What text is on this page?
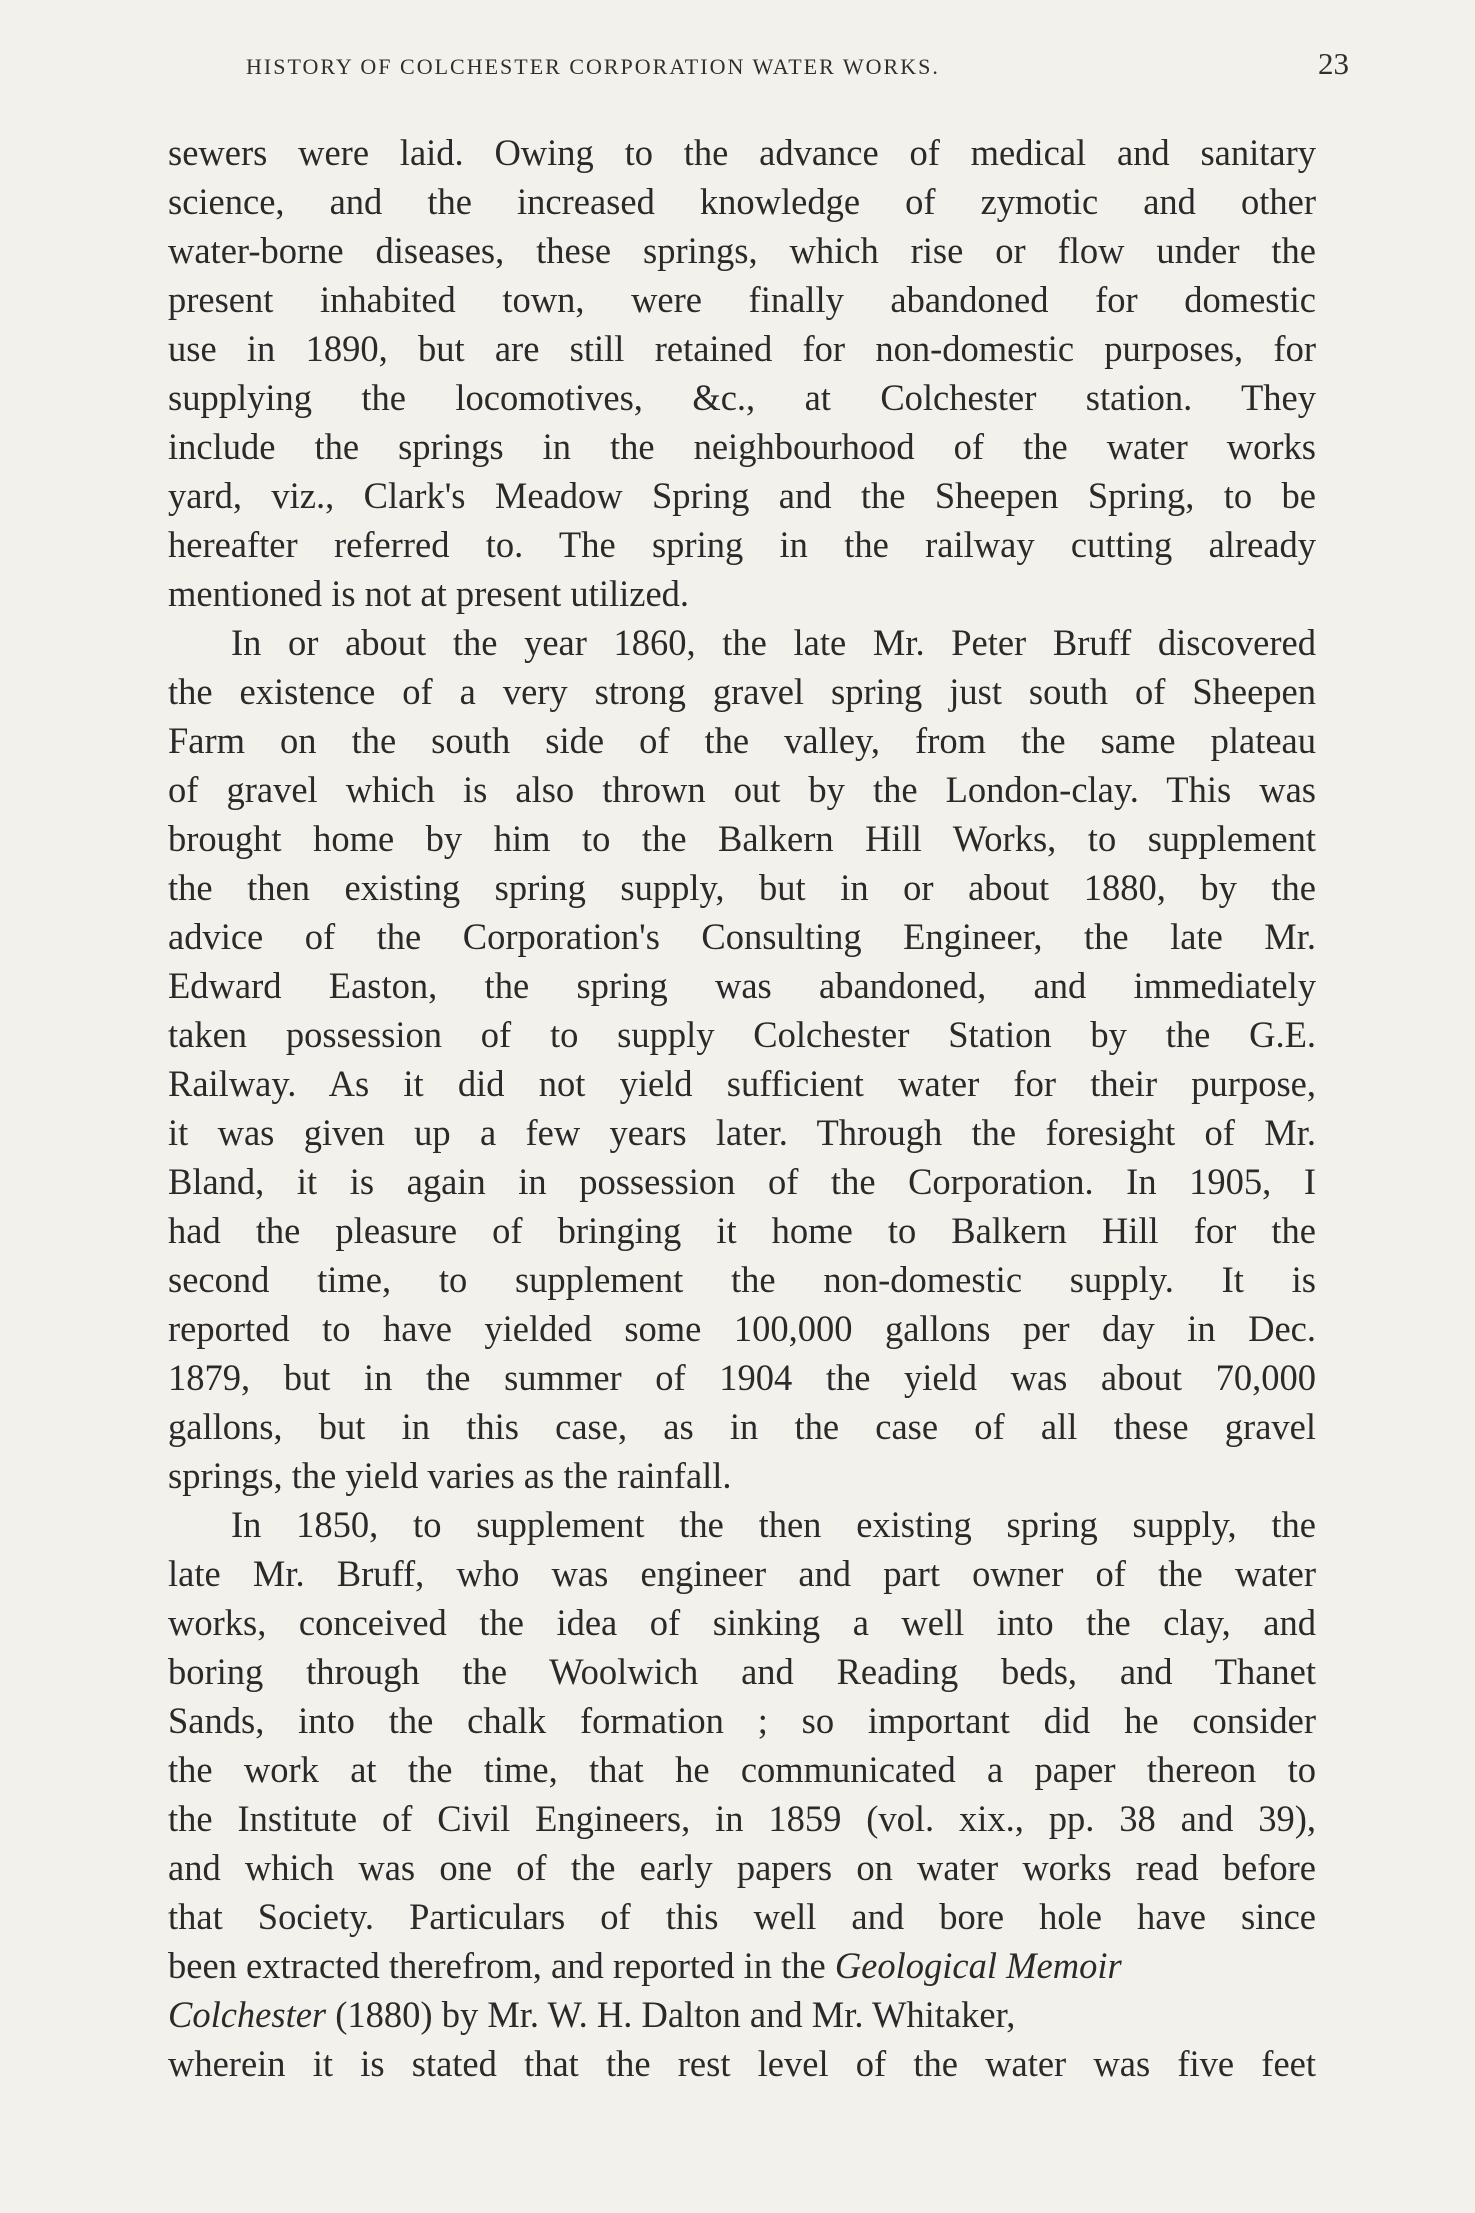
HISTORY OF COLCHESTER CORPORATION WATER WORKS.	23
sewers were laid. Owing to the advance of medical and sanitary
science, and the increased knowledge of zymotic and other
water-borne diseases, these springs, which rise or flow under the
present inhabited town, were finally abandoned for domestic
use in 1890, but are still retained for non-domestic purposes, for
supplying the locomotives, &c., at Colchester station. They
include the springs in the neighbourhood of the water works
yard, viz., Clark's Meadow Spring and the Sheepen Spring, to be
hereafter referred to. The spring in the railway cutting already
mentioned is not at present utilized.
In or about the year 1860, the late Mr. Peter Bruff discovered
the existence of a very strong gravel spring just south of Sheepen
Farm on the south side of the valley, from the same plateau
of gravel which is also thrown out by the London-clay. This was
brought home by him to the Balkern Hill Works, to supplement
the then existing spring supply, but in or about 1880, by the
advice of the Corporation's Consulting Engineer, the late Mr.
Edward Easton, the spring was abandoned, and immediately
taken possession of to supply Colchester Station by the G.E.
Railway. As it did not yield sufficient water for their purpose,
it was given up a few years later. Through the foresight of Mr.
Bland, it is again in possession of the Corporation. In 1905, I
had the pleasure of bringing it home to Balkern Hill for the
second time, to supplement the non-domestic supply. It is
reported to have yielded some 100,000 gallons per day in Dec.
1879, but in the summer of 1904 the yield was about 70,000
gallons, but in this case, as in the case of all these gravel
springs, the yield varies as the rainfall.
In 1850, to supplement the then existing spring supply, the
late Mr. Bruff, who was engineer and part owner of the water
works, conceived the idea of sinking a well into the clay, and
boring through the Woolwich and Reading beds, and Thanet
Sands, into the chalk formation ; so important did he consider
the work at the time, that he communicated a paper thereon to
the Institute of Civil Engineers, in 1859 (vol. xix., pp. 38 and 39),
and which was one of the early papers on water works read before
that Society. Particulars of this well and bore hole have since
been extracted therefrom, and reported in the Geological Memoir
Colchester (1880) by Mr. W. H. Dalton and Mr. Whitaker,
wherein it is stated that the rest level of the water was five feet
